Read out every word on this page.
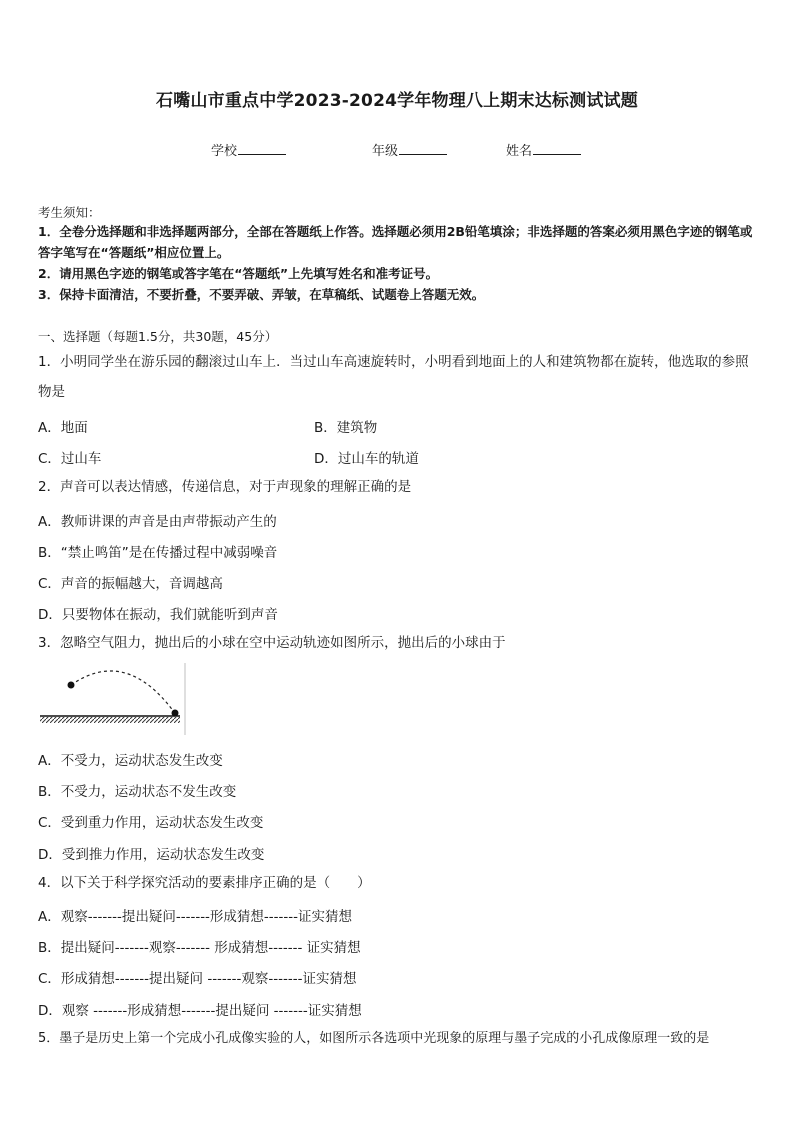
石嘴山市重点中学2023-2024学年物理八上期末达标测试试题
学校	年级	姓名
考生须知：
1．全卷分选择题和非选择题两部分，全部在答题纸上作答。选择题必须用2B铅笔填涂；非选择题的答案必须用黑色字迹的钢笔或答字笔写在“答题纸”相应位置上。
2．请用黑色字迹的钢笔或答字笔在“答题纸”上先填写姓名和准考证号。
3．保持卡面清洁，不要折叠，不要弄破、弄皱，在草稿纸、试题卷上答题无效。
一、选择题（每题1.5分，共30题，45分）
1．小明同学坐在游乐园的翻滚过山车上．当过山车高速旋转时，小明看到地面上的人和建筑物都在旋转，他选取的参照物是
A．地面	B．建筑物
C．过山车	D．过山车的轨道
2．声音可以表达情感，传递信息，对于声现象的理解正确的是
A．教师讲课的声音是由声带振动产生的
B．“禁止鸣笛”是在传播过程中减弱噪音
C．声音的振幅越大，音调越高
D．只要物体在振动，我们就能听到声音
3．忽略空气阻力，抛出后的小球在空中运动轨迹如图所示，抛出后的小球由于
A．不受力，运动状态发生改变
B．不受力，运动状态不发生改变
C．受到重力作用，运动状态发生改变
D．受到推力作用，运动状态发生改变
4．以下关于科学探究活动的要素排序正确的是（　　）
A．观察-------提出疑问-------形成猜想-------证实猜想
B．提出疑问-------观察------- 形成猜想------- 证实猜想
C．形成猜想-------提出疑问 -------观察-------证实猜想
D．观察 -------形成猜想-------提出疑问 -------证实猜想
5．墨子是历史上第一个完成小孔成像实验的人，如图所示各选项中光现象的原理与墨子完成的小孔成像原理一致的是
